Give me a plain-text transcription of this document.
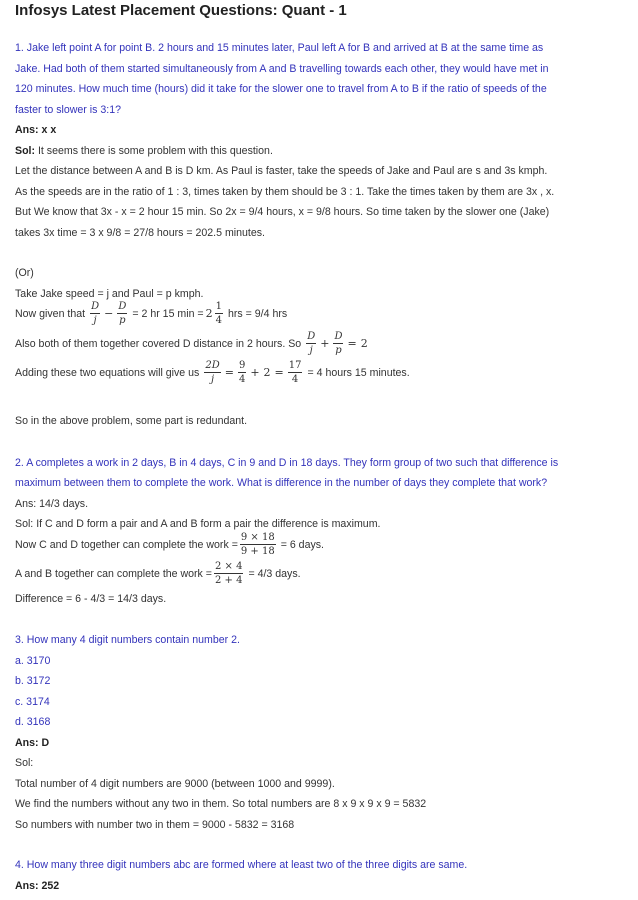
Infosys Latest Placement Questions: Quant - 1
1. Jake left point A for point B. 2 hours and 15 minutes later, Paul left A for B and arrived at B at the same time as
Jake. Had both of them started simultaneously from A and B travelling towards each other, they would have met in
120 minutes. How much time (hours) did it take for the slower one to travel from A to B if the ratio of speeds of the
faster to slower is 3:1?
Ans: x x
Sol: It seems there is some problem with this question.
Let the distance between A and B is D km. As Paul is faster, take the speeds of Jake and Paul are s and 3s kmph.
As the speeds are in the ratio of 1 : 3, times taken by them should be 3 : 1. Take the times taken by them are 3x , x.
But We know that 3x - x = 2 hour 15 min. So 2x = 9/4 hours, x = 9/8 hours. So time taken by the slower one (Jake)
takes 3x time = 3 x 9/8 = 27/8 hours = 202.5 minutes.
(Or)
Take Jake speed = j and Paul = p kmph.
Now given that $\frac{D}{j} - \frac{D}{p} = 2$ hr 15 $\min = 2 \frac{1}{4}$ hrs = 9/4 hrs
Also both of them together covered D distance in 2 hours. So $\frac{D}{j} + \frac{D}{p} = 2$
Adding these two equations will give us $\frac{2D}{j} = \frac{9}{4} + 2 = \frac{17}{4} = 4$ hours 15 minutes.
So in the above problem, some part is redundant.
2. A completes a work in 2 days, B in 4 days, C in 9 and D in 18 days. They form group of two such that difference is
maximum between them to complete the work. What is difference in the number of days they complete that work?
Ans: 14/3 days.
Sol: If C and D form a pair and A and B form a pair the difference is maximum.
Now C and D together can complete the work = $\frac{9 \times 18}{9 + 18} = 6$ days.
A and B together can complete the work = $\frac{2 \times 4}{2 + 4} = 4/3$ days.
Difference = 6 - 4/3 = 14/3 days.
3. How many 4 digit numbers contain number 2.
a. 3170
b. 3172
c. 3174
d. 3168
Ans: D
Sol:
Total number of 4 digit numbers are 9000 (between 1000 and 9999).
We find the numbers without any two in them. So total numbers are 8 x 9 x 9 x 9 = 5832
So numbers with number two in them = 9000 - 5832 = 3168
4. How many three digit numbers abc are formed where at least two of the three digits are same.
Ans: 252
